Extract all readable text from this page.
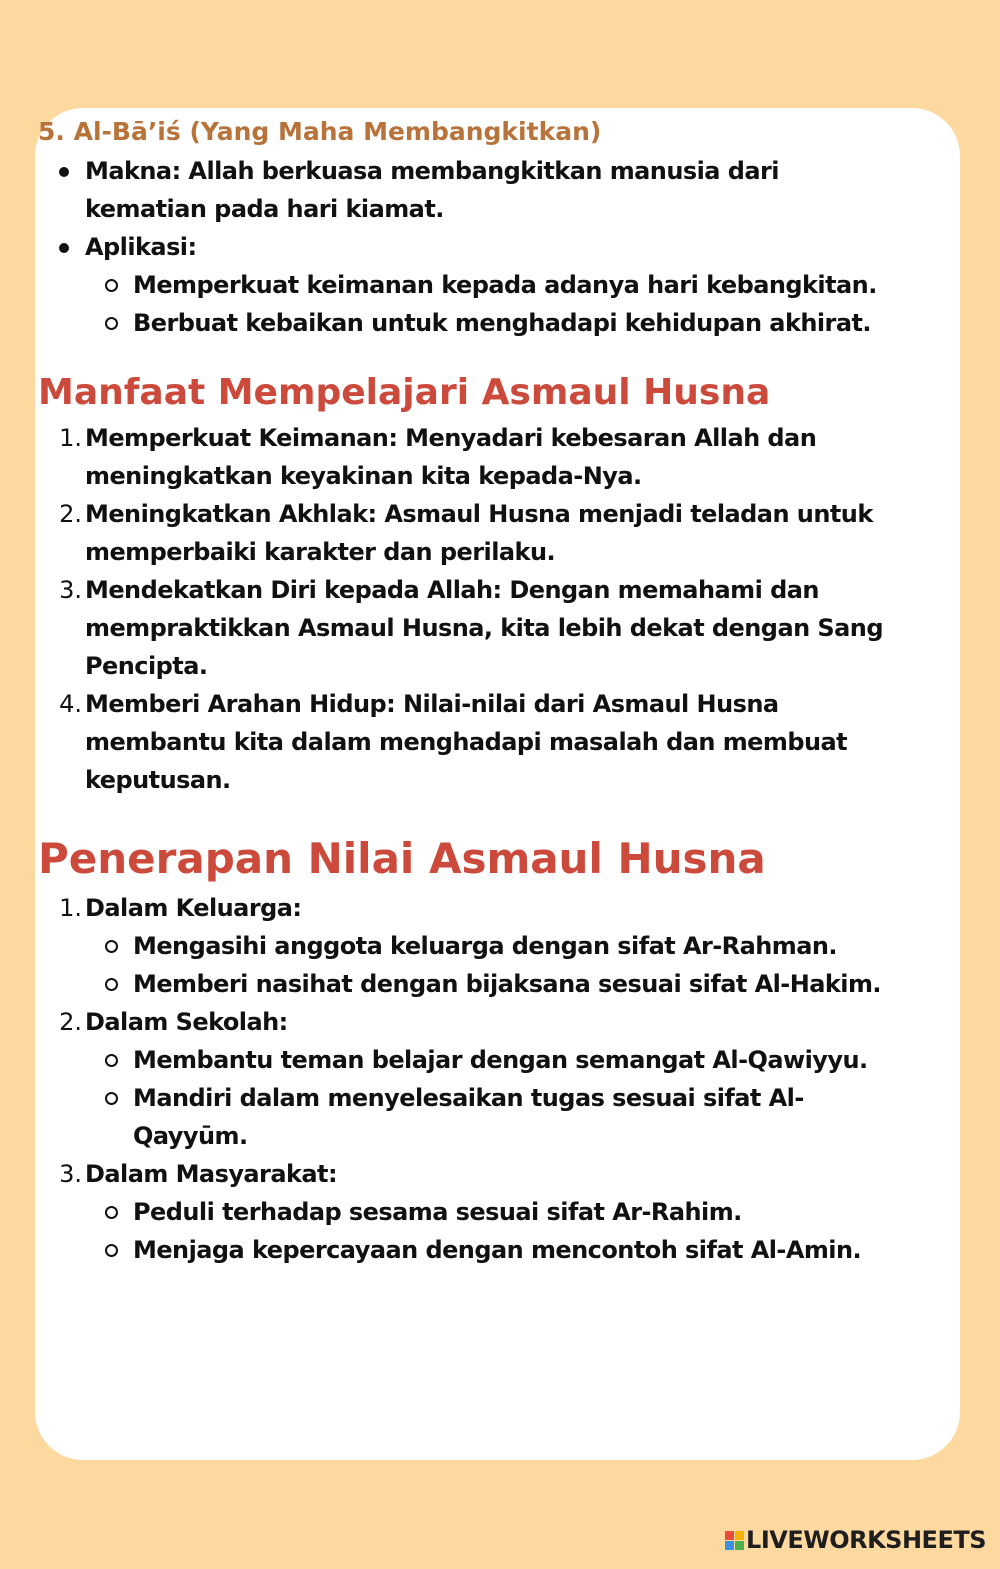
5. Al-Bā’iś (Yang Maha Membangkitkan)

Makna: Allah berkuasa membangkitkan manusia dari
kematian pada hari kiamat.
Aplikasi:
Memperkuat keimanan kepada adanya hari kebangkitan.
Berbuat kebaikan untuk menghadapi kehidupan akhirat.

Manfaat Mempelajari Asmaul Husna

1. Memperkuat Keimanan: Menyadari kebesaran Allah dan
meningkatkan keyakinan kita kepada-Nya.
2. Meningkatkan Akhlak: Asmaul Husna menjadi teladan untuk
memperbaiki karakter dan perilaku.
3. Mendekatkan Diri kepada Allah: Dengan memahami dan
mempraktikkan Asmaul Husna, kita lebih dekat dengan Sang
Pencipta.
4. Memberi Arahan Hidup: Nilai-nilai dari Asmaul Husna
membantu kita dalam menghadapi masalah dan membuat
keputusan.

Penerapan Nilai Asmaul Husna

1. Dalam Keluarga:
Mengasihi anggota keluarga dengan sifat Ar-Rahman.
Memberi nasihat dengan bijaksana sesuai sifat Al-Hakim.
2. Dalam Sekolah:
Membantu teman belajar dengan semangat Al-Qawiyyu.
Mandiri dalam menyelesaikan tugas sesuai sifat Al-
Qayyūm.
3. Dalam Masyarakat:
Peduli terhadap sesama sesuai sifat Ar-Rahim.
Menjaga kepercayaan dengan mencontoh sifat Al-Amin.
LIVEWORKSHEETS
